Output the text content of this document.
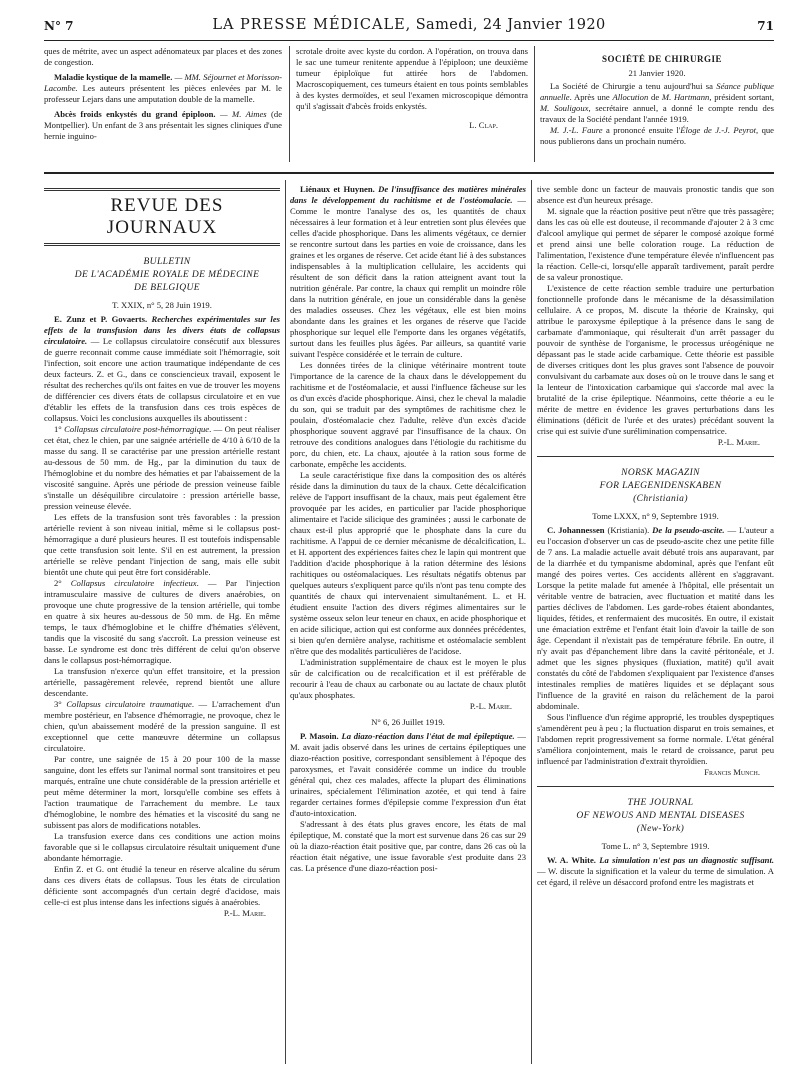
N° 7	LA PRESSE MÉDICALE, Samedi, 24 Janvier 1920	71

ques de métrite, avec un aspect adénomateux par places et des zones de congestion.

Maladie kystique de la mamelle. — MM. Séjournet et Morisson-Lacombe. Les auteurs présentent les pièces enlevées par M. le professeur Lejars dans une amputation double de la mamelle.

Abcès froids enkystés du grand épiploon. — M. Aimes (de Montpellier). Un enfant de 3 ans présentait les signes cliniques d'une hernie inguino-

scrotale droite avec kyste du cordon. A l'opération, on trouva dans le sac une tumeur renitente appendue à l'épiploon; une deuxième tumeur épiploïque fut attirée hors de l'abdomen. Macroscopiquement, ces tumeurs étaient en tous points semblables à des kystes dermoïdes, et seul l'examen microscopique démontra qu'il s'agissait d'abcès froids enkystés.

L. Clap.

SOCIÉTÉ DE CHIRURGIE

21 Janvier 1920.

La Société de Chirurgie a tenu aujourd'hui sa Séance publique annuelle. Après une Allocution de M. Hartmann, président sortant, M. Souligoux, secrétaire annuel, a donné le compte rendu des travaux de la Société pendant l'année 1919.

M. J.-L. Faure a prononcé ensuite l'Éloge de J.-J. Peyrot, que nous publierons dans un prochain numéro.

REVUE DES JOURNAUX

BULLETIN

DE L'ACADÉMIE ROYALE DE MÉDECINE

DE BELGIQUE

T. XXIX, n° 5, 28 Juin 1919.

E. Zunz et P. Govaerts. Recherches expérimentales sur les effets de la transfusion dans les divers états de collapsus circulatoire. — Le collapsus circulatoire consécutif aux blessures de guerre reconnait comme cause immédiate soit l'hémorragie, soit l'infection, soit encore une action traumatique indépendante de ces deux facteurs. Z. et G., dans ce consciencieux travail, exposent le résultat des recherches qu'ils ont faites en vue de trouver les moyens de différencier ces divers états de collapsus circulatoire et en vue d'établir les effets de la transfusion dans ces trois espèces de collapsus. Voici les conclusions auxquelles ils aboutissent :

1° Collapsus circulatoire post-hémorragique. — On peut réaliser cet état, chez le chien, par une saignée artérielle de 4/10 à 6/10 de la masse du sang. Il se caractérise par une pression artérielle restant au-dessous de 50 mm. de Hg., par la diminution du taux de l'hémoglobine et du nombre des hématies et par l'abaissement de la viscosité sanguine. Après une période de pression veineuse faible s'installe un déséquilibre circulatoire : pression artérielle basse, pression veineuse élevée.

Les effets de la transfusion sont très favorables : la pression artérielle revient à son niveau initial, même si le collapsus post-hémorragique a duré plusieurs heures. Il est toutefois indispensable que cette transfusion soit lente. S'il en est autrement, la pression artérielle se relève pendant l'injection de sang, mais elle subit bientôt une chute qui peut être fort considérable.

2° Collapsus circulatoire infectieux. — Par l'injection intramusculaire massive de cultures de divers anaérobies, on provoque une chute progressive de la tension artérielle, qui tombe en quatre à six heures au-dessous de 50 mm. de Hg. En même temps, le taux d'hémoglobine et le chiffre d'hématies s'élèvent, tandis que la viscosité du sang s'accroît. La pression veineuse est basse. Le syndrome est donc très différent de celui qu'on observe dans le collapsus post-hémorragique.

La transfusion n'exerce qu'un effet transitoire, et la pression artérielle, passagèrement relevée, reprend bientôt une allure descendante.

3° Collapsus circulatoire traumatique. — L'arrachement d'un membre postérieur, en l'absence d'hémorragie, ne provoque, chez le chien, qu'un abaissement modéré de la pression sanguine. Il est exceptionnel que cette manœuvre détermine un collapsus circulatoire.

Par contre, une saignée de 15 à 20 pour 100 de la masse sanguine, dont les effets sur l'animal normal sont transitoires et peu marqués, entraîne une chute considérable de la pression artérielle et peut même déterminer la mort, lorsqu'elle combine ses effets à l'action traumatique de l'arrachement du membre. Le taux d'hémoglobine, le nombre des hématies et la viscosité du sang ne subissent pas alors de modifications notables.

La transfusion exerce dans ces conditions une action moins favorable que si le collapsus circulatoire résultait uniquement d'une abondante hémorragie.

Enfin Z. et G. ont étudié la teneur en réserve alcaline du sérum dans ces divers états de collapsus. Tous les états de circulation déficiente sont accompagnés d'un certain degré d'acidose, mais celle-ci est plus intense dans les infections sigués à anaérobies.

P.-L. Marie.

Liénaux et Huynen. De l'insuffisance des matières minérales dans le développement du rachitisme et de l'ostéomalacie. — Comme le montre l'analyse des os, les quantités de chaux nécessaires à leur formation et à leur entretien sont plus élevées que celles d'acide phosphorique. Dans les aliments végétaux, ce dernier se rencontre surtout dans les parties en voie de croissance, dans les graines et les organes de réserve. Cet acide étant lié à des substances indispensables à la multiplication cellulaire, les accidents qui résultent de son déficit dans la ration atteignent avant tout la nutrition générale. Par contre, la chaux qui remplit un moindre rôle dans la nutrition générale, en joue un considérable dans la genèse des maladies osseuses. Chez les végétaux, elle est bien moins abondante dans les graines et les organes de réserve que l'acide phosphorique sur lequel elle l'emporte dans les organes végétatifs, surtout dans les feuilles plus âgées. Par ailleurs, sa quantité varie suivant l'espèce considérée et le terrain de culture.

Les données tirées de la clinique vétérinaire montrent toute l'importance de la carence de la chaux dans le développement du rachitisme et de l'ostéomalacie, et aussi l'influence fâcheuse sur les os d'un excès d'acide phosphorique. Ainsi, chez le cheval la maladie du son, qui se traduit par des symptômes de rachitisme chez le poulain, d'ostéomalacie chez l'adulte, relève d'un excès d'acide phosphorique souvent aggravé par l'insuffisance de la chaux. On retrouve des conditions analogues dans l'étiologie du rachitisme du porc, du chien, etc. La chaux, ajoutée à la ration sous forme de carbonate, empêche les accidents.

La seule caractéristique fixe dans la composition des os altérés réside dans la diminution du taux de la chaux. Cette décalcification relève de l'apport insuffisant de la chaux, mais peut également être provoquée par les acides, en particulier par l'acide phosphorique alimentaire et l'acide silicique des graminées ; aussi le carbonate de chaux est-il plus approprié que le phosphate dans la cure du rachitisme. A l'appui de ce dernier mécanisme de décalcification, L. et H. apportent des expériences faites chez le lapin qui montrent que l'addition d'acide phosphorique à la ration détermine des lésions rachitiques ou ostéomalaciques. Les résultats négatifs obtenus par quelques auteurs s'expliquent parce qu'ils n'ont pas tenu compte des quantités de chaux qui intervenaient simultanément. L. et H. étudient ensuite l'action des divers régimes alimentaires sur le système osseux selon leur teneur en chaux, en acide phosphorique et en acide silicique, action qui est conforme aux données précédentes, si bien qu'en dernière analyse, rachitisme et ostéomalacie semblent n'être que des modalités particulières de l'acidose.

L'administration supplémentaire de chaux est le moyen le plus sûr de calcification ou de recalcification et il est préférable de recourir à l'eau de chaux au carbonate ou au lactate de chaux plutôt qu'aux phosphates.

P.-L. Marie.

N° 6, 26 Juillet 1919.

P. Masoin. La diazo-réaction dans l'état de mal épileptique. — M. avait jadis observé dans les urines de certains épileptiques une diazo-réaction positive, correspondant sensiblement à l'époque des paroxysmes, et l'avait considérée comme un indice du trouble général qui, chez ces malades, affecte la plupart des éliminations urinaires, spécialement l'élimination azotée, et qui tend à faire regarder certaines formes d'épilepsie comme l'expression d'un état d'auto-intoxication.

S'adressant à des états plus graves encore, les états de mal épileptique, M. constaté que la mort est survenue dans 26 cas sur 29 où la diazo-réaction était positive que, par contre, dans 26 cas où la réaction était négative, une issue favorable s'est produite dans 23 cas. La présence d'une diazo-réaction posi-

tive semble donc un facteur de mauvais pronostic tandis que son absence est d'un heureux présage.

M. signale que la réaction positive peut n'être que très passagère; dans les cas où elle est douteuse, il recommande d'ajouter 2 à 3 cmc d'alcool amylique qui permet de séparer le composé azoïque formé et prend ainsi une belle coloration rouge. La réduction de l'alimentation, l'existence d'une température élevée n'influencent pas la réaction. Celle-ci, lorsqu'elle apparaît tardivement, paraît perdre de sa valeur pronostique.

L'existence de cette réaction semble traduire une perturbation fonctionnelle profonde dans le mécanisme de la désassimilation cellulaire. A ce propos, M. discute la théorie de Krainsky, qui attribue le paroxysme épileptique à la présence dans le sang de carbamate d'ammoniaque, qui résulterait d'un arrêt passager du pouvoir de synthèse de l'organisme, le processus uréogénique ne dépassant pas le stade acide carbamique. Cette théorie est passible de diverses critiques dont les plus graves sont l'absence de pouvoir convulsivant du carbamate aux doses où on le trouve dans le sang et la lenteur de l'intoxication carbamique qui s'accorde mal avec la brutalité de la crise épileptique. Néanmoins, cette théorie a eu le mérite de mettre en évidence les graves perturbations dans les éliminations (déficit de l'urée et des urates) précédant souvent la crise qui est suivie d'une surélimination compensatrice.

P.-L. Marie.

NORSK MAGAZIN

FOR LAEGENIDENSKABEN

(Christiania)

Tome LXXX, n° 9, Septembre 1919.

C. Johannessen (Kristiania). De la pseudo-ascite. — L'auteur a eu l'occasion d'observer un cas de pseudo-ascite chez une petite fille de 7 ans. La maladie actuelle avait débuté trois ans auparavant, par de la diarrhée et du tympanisme abdominal, après que l'enfant eût mangé des poires vertes. Ces accidents allèrent en s'aggravant. Lorsque la petite malade fut amenée à l'hôpital, elle présentait un véritable ventre de batracien, avec fluctuation et matité dans les parties déclives de l'abdomen. Les garde-robes étaient abondantes, liquides, fétides, et renfermaient des mucosités. En outre, il existait une émaciation extrême et l'enfant était loin d'avoir la taille de son âge. Cependant il n'existait pas de température fébrile. En outre, il n'y avait pas d'épanchement libre dans la cavité péritonéale, et J. admet que les signes physiques (fluxiation, matité) qu'il avait constatés du côté de l'abdomen s'expliquaient par l'existence d'anses intestinales remplies de matières liquides et se déplaçant sous l'influence de la gravité en raison du relâchement de la paroi abdominale.

Sous l'influence d'un régime approprié, les troubles dyspeptiques s'amendèrent peu à peu ; la fluctuation disparut en trois semaines, et l'abdomen reprit progressivement sa forme normale. L'état général s'améliora conjointement, mais le retard de croissance, parut peu influencé par l'administration d'extrait thyroïdien.

Francis Munch.

THE JOURNAL

OF NEWOUS AND MENTAL DISEASES

(New-York)

Tome L. n° 3, Septembre 1919.

W. A. White. La simulation n'est pas un diagnostic suffisant. — W. discute la signification et la valeur du terme de simulation. A cet égard, il relève un désaccord profond entre les magistrats et
